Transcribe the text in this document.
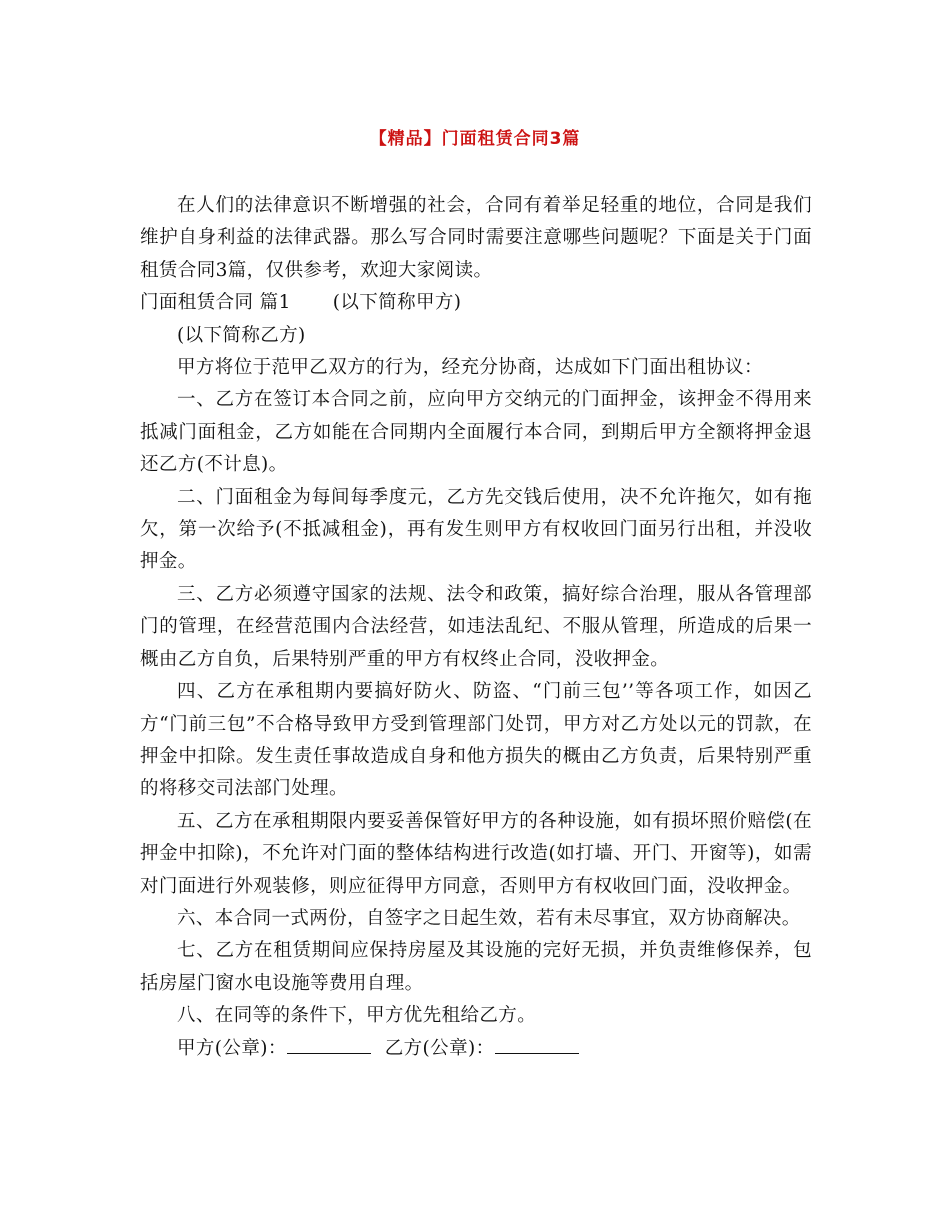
【精品】门面租赁合同3篇

在人们的法律意识不断增强的社会，合同有着举足轻重的地位，合同是我们维护自身利益的法律武器。那么写合同时需要注意哪些问题呢？下面是关于门面租赁合同3篇，仅供参考，欢迎大家阅读。

门面租赁合同 篇1 (以下简称甲方)

(以下简称乙方)

甲方将位于范甲乙双方的行为，经充分协商，达成如下门面出租协议：

一、乙方在签订本合同之前，应向甲方交纳元的门面押金，该押金不得用来抵减门面租金，乙方如能在合同期内全面履行本合同，到期后甲方全额将押金退还乙方(不计息)。

二、门面租金为每间每季度元，乙方先交钱后使用，决不允许拖欠，如有拖欠，第一次给予(不抵减租金)，再有发生则甲方有权收回门面另行出租，并没收押金。

三、乙方必须遵守国家的法规、法令和政策，搞好综合治理，服从各管理部门的管理，在经营范围内合法经营，如违法乱纪、不服从管理，所造成的后果一概由乙方自负，后果特别严重的甲方有权终止合同，没收押金。

四、乙方在承租期内要搞好防火、防盗、“门前三包’’等各项工作，如因乙方“门前三包”不合格导致甲方受到管理部门处罚，甲方对乙方处以元的罚款，在押金中扣除。发生责任事故造成自身和他方损失的概由乙方负责，后果特别严重的将移交司法部门处理。

五、乙方在承租期限内要妥善保管好甲方的各种设施，如有损坏照价赔偿(在押金中扣除)，不允许对门面的整体结构进行改造(如打墙、开门、开窗等)，如需对门面进行外观装修，则应征得甲方同意，否则甲方有权收回门面，没收押金。

六、本合同一式两份，自签字之日起生效，若有未尽事宜，双方协商解决。

七、乙方在租赁期间应保持房屋及其设施的完好无损，并负责维修保养，包括房屋门窗水电设施等费用自理。

八、在同等的条件下，甲方优先租给乙方。

甲方(公章)：	乙方(公章)：
